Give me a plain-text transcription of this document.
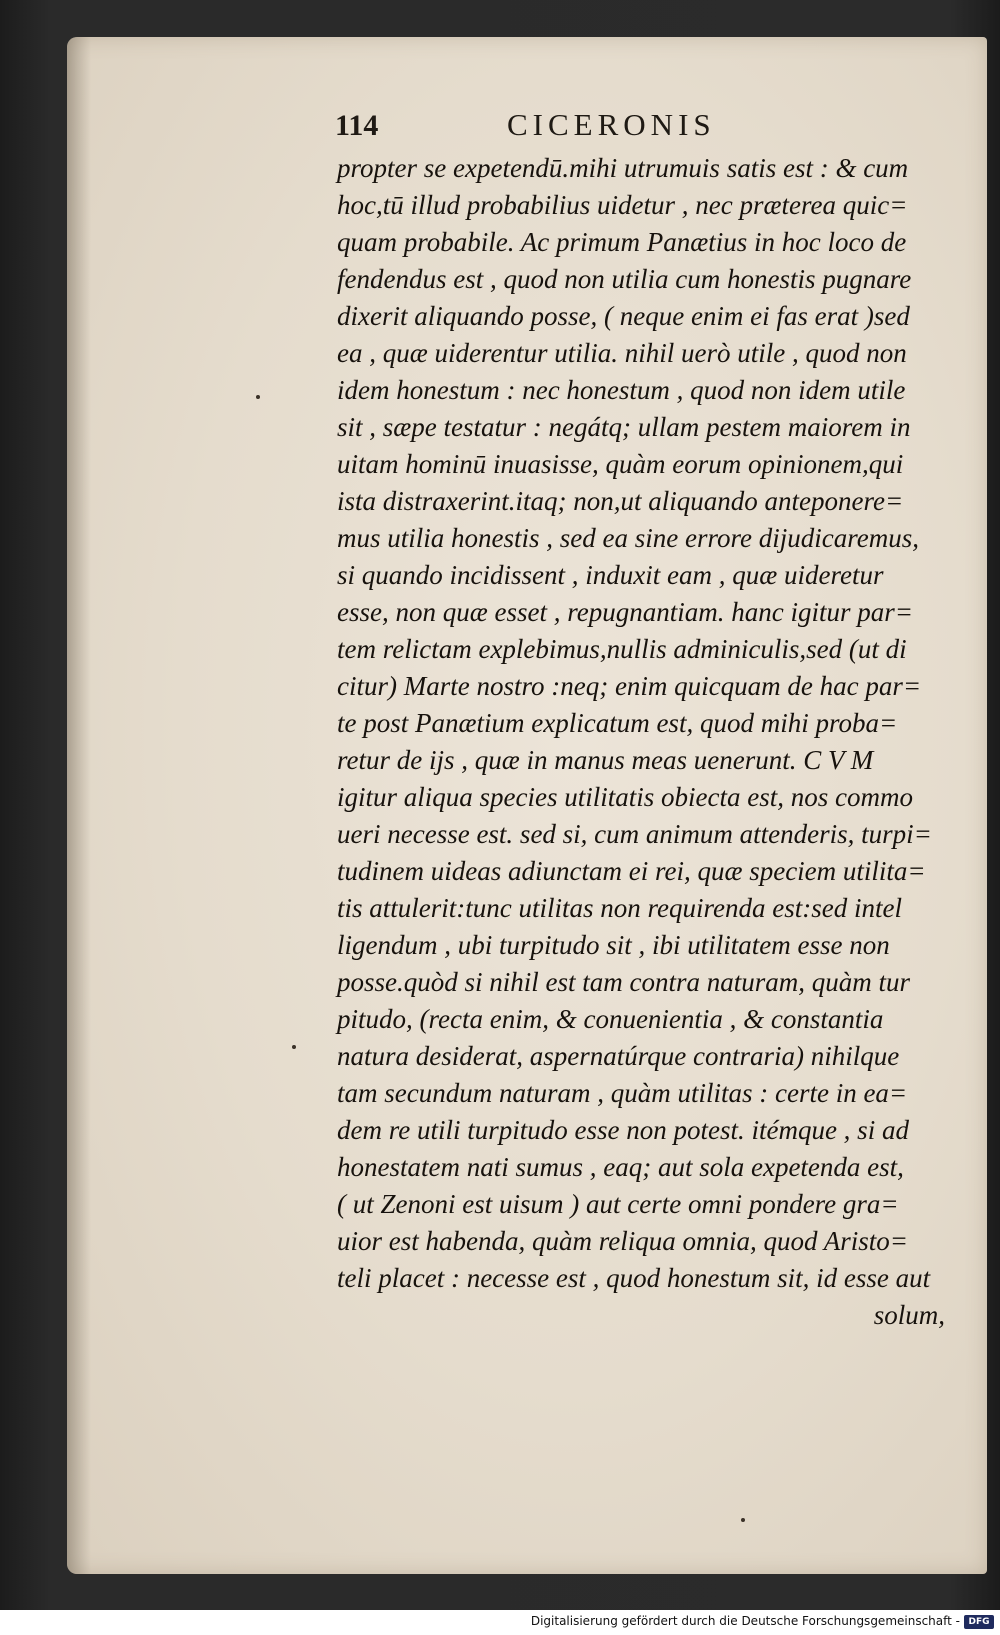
114	CICERONIS
propter se expetendū.mihi utrumuis satis est : & cum
hoc,tū illud probabilius uidetur , nec prӕterea quic=
quam probabile. Ac primum Panӕtius in hoc loco de
fendendus est , quod non utilia cum honestis pugnare
dixerit aliquando posse, ( neque enim ei fas erat )sed
ea , quӕ uiderentur utilia. nihil uerò utile , quod non
idem honestum : nec honestum , quod non idem utile
sit , sӕpe testatur : negátq; ullam pestem maiorem in
uitam hominū inuasisse, quàm eorum opinionem,qui
ista distraxerint.itaq; non,ut aliquando anteponere=
mus utilia honestis , sed ea sine errore dijudicaremus,
si quando incidissent , induxit eam , quӕ uideretur
esse, non quӕ esset , repugnantiam. hanc igitur par=
tem relictam explebimus,nullis adminiculis,sed (ut di
citur) Marte nostro :neq; enim quicquam de hac par=
te post Panӕtium explicatum est, quod mihi proba=
retur de ijs , quӕ in manus meas uenerunt. C V M
igitur aliqua species utilitatis obiecta est, nos commo
ueri necesse est. sed si, cum animum attenderis, turpi=
tudinem uideas adiunctam ei rei, quӕ speciem utilita=
tis attulerit:tunc utilitas non requirenda est:sed intel
ligendum , ubi turpitudo sit , ibi utilitatem esse non
posse.quòd si nihil est tam contra naturam, quàm tur
pitudo, (recta enim, & conuenientia , & constantia
natura desiderat, aspernatúrque contraria) nihilque
tam secundum naturam , quàm utilitas : certe in ea=
dem re utili turpitudo esse non potest. itémque , si ad
honestatem nati sumus , eaq; aut sola expetenda est,
( ut Zenoni est uisum ) aut certe omni pondere gra=
uior est habenda, quàm reliqua omnia, quod Aristo=
teli placet : necesse est , quod honestum sit, id esse aut
solum,
Digitalisierung gefördert durch die Deutsche Forschungsgemeinschaft - DFG
